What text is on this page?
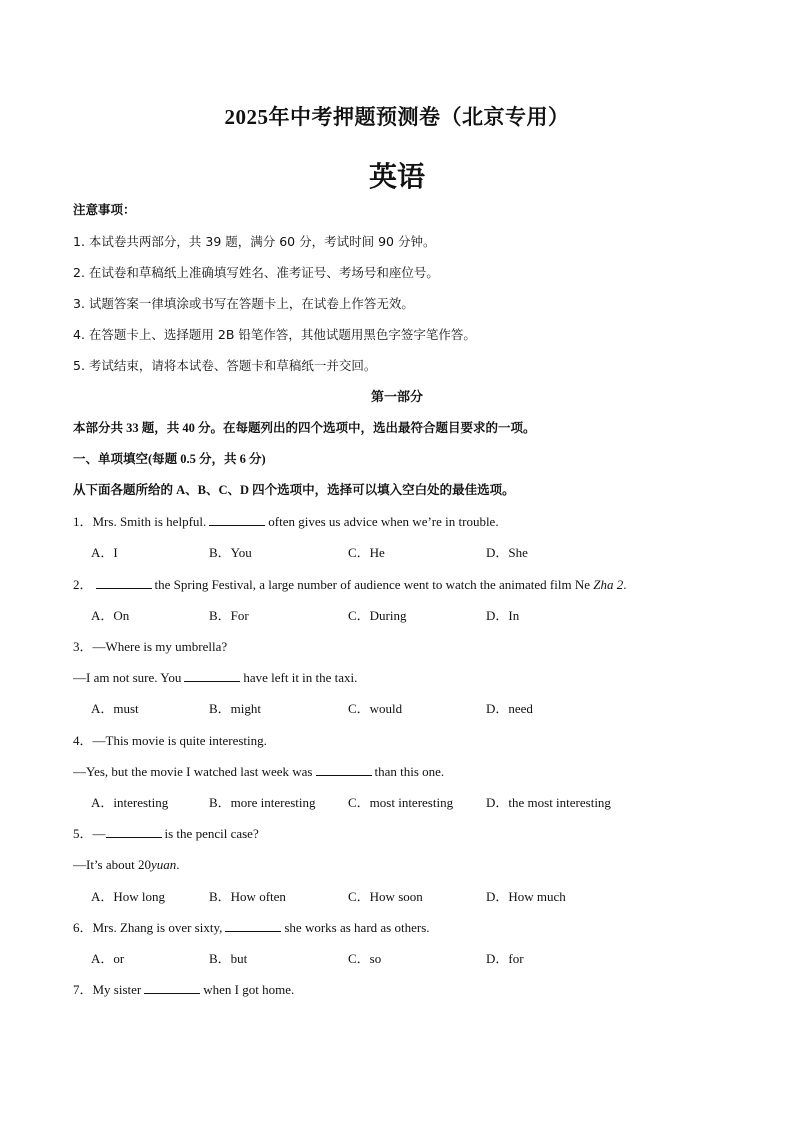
2025年中考押题预测卷（北京专用）
英语
注意事项：
1. 本试卷共两部分，共 39 题，满分 60 分，考试时间 90 分钟。
2. 在试卷和草稿纸上准确填写姓名、准考证号、考场号和座位号。
3. 试题答案一律填涂或书写在答题卡上，在试卷上作答无效。
4. 在答题卡上、选择题用 2B 铅笔作答，其他试题用黑色字签字笔作答。
5. 考试结束，请将本试卷、答题卡和草稿纸一并交回。
第一部分
本部分共 33 题，共 40 分。在每题列出的四个选项中，选出最符合题目要求的一项。
一、单项填空(每题 0.5 分，共 6 分)
从下面各题所给的 A、B、C、D 四个选项中，选择可以填入空白处的最佳选项。
1．Mrs. Smith is helpful.	often gives us advice when we’re in trouble.
A．I	B．You	C．He	D．She
2．	the Spring Festival, a large number of audience went to watch the animated film Ne Zha 2.
A．On	B．For	C．During	D．In
3．—Where is my umbrella?
—I am not sure. You	have left it in the taxi.
A．must	B．might	C．would	D．need
4．—This movie is quite interesting.
—Yes, but the movie I watched last week was	than this one.
A．interesting	B．more interesting C．most interesting	D．the most interesting
5．—	is the pencil case?
—It’s about 20yuan.
A．How long	B．How often	C．How soon	D．How much
6．Mrs. Zhang is over sixty,	she works as hard as others.
A．or	B．but	C．so	D．for
7．My sister	when I got home.
